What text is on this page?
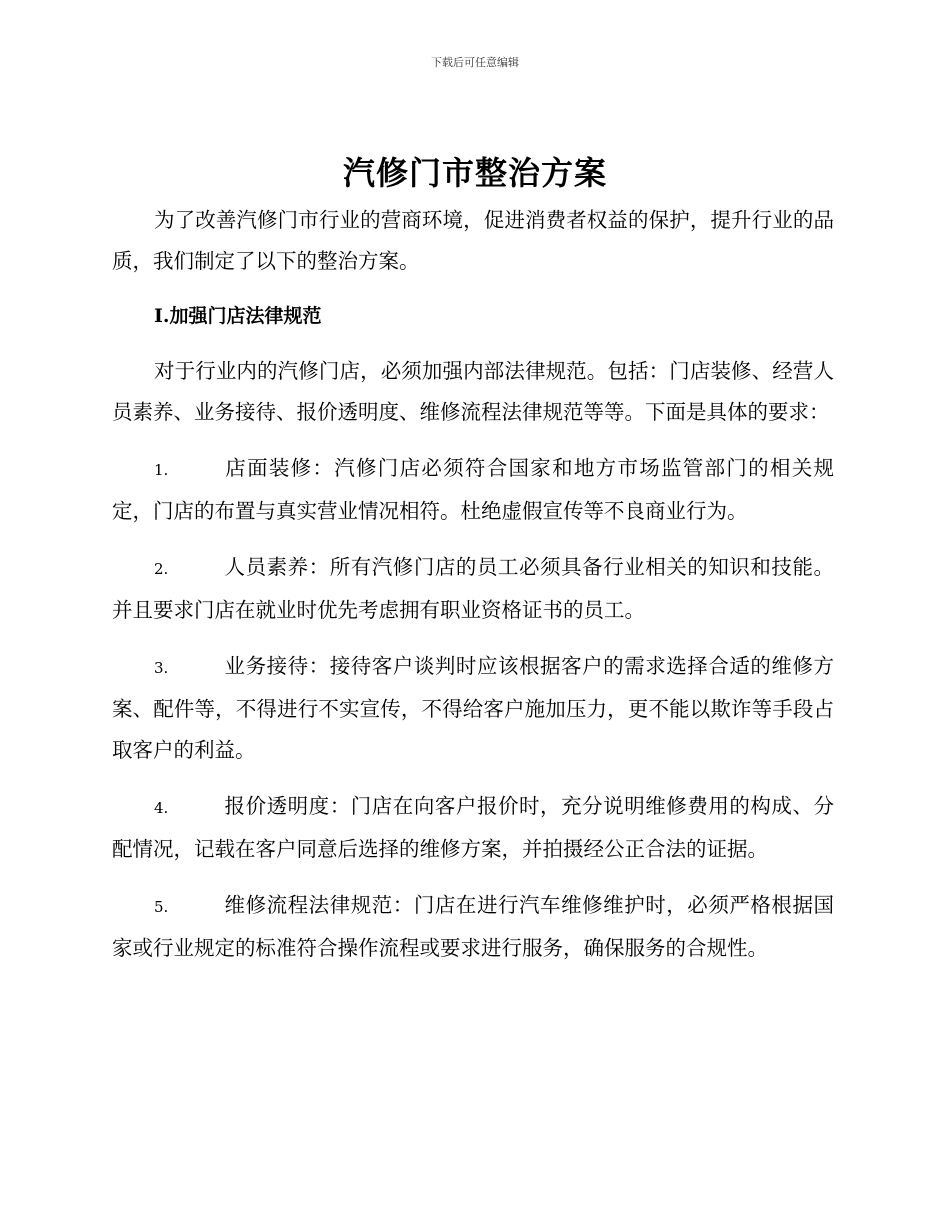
下载后可任意编辑
汽修门市整治方案

为了改善汽修门市行业的营商环境，促进消费者权益的保护，提升行业的品质，我们制定了以下的整治方案。

I.加强门店法律规范

对于行业内的汽修门店，必须加强内部法律规范。包括：门店装修、经营人员素养、业务接待、报价透明度、维修流程法律规范等等。下面是具体的要求：

1.	店面装修：汽修门店必须符合国家和地方市场监管部门的相关规定，门店的布置与真实营业情况相符。杜绝虚假宣传等不良商业行为。

2.	人员素养：所有汽修门店的员工必须具备行业相关的知识和技能。并且要求门店在就业时优先考虑拥有职业资格证书的员工。

3.	业务接待：接待客户谈判时应该根据客户的需求选择合适的维修方案、配件等，不得进行不实宣传，不得给客户施加压力，更不能以欺诈等手段占取客户的利益。

4.	报价透明度：门店在向客户报价时，充分说明维修费用的构成、分配情况，记载在客户同意后选择的维修方案，并拍摄经公正合法的证据。

5.	维修流程法律规范：门店在进行汽车维修维护时，必须严格根据国家或行业规定的标准符合操作流程或要求进行服务，确保服务的合规性。
